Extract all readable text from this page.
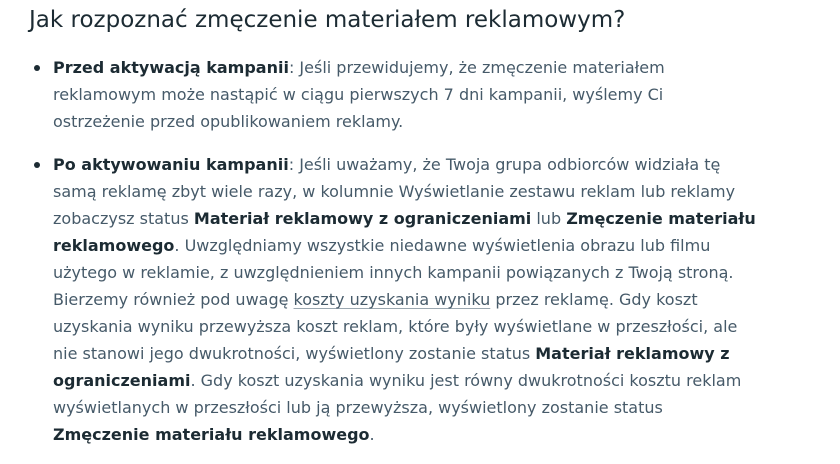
Jak rozpoznać zmęczenie materiałem reklamowym?
Przed aktywacją kampanii: Jeśli przewidujemy, że zmęczenie materiałem
reklamowym może nastąpić w ciągu pierwszych 7 dni kampanii, wyślemy Ci
ostrzeżenie przed opublikowaniem reklamy.
Po aktywowaniu kampanii: Jeśli uważamy, że Twoja grupa odbiorców widziała tę
samą reklamę zbyt wiele razy, w kolumnie Wyświetlanie zestawu reklam lub reklamy
zobaczysz status Materiał reklamowy z ograniczeniami lub Zmęczenie materiału
reklamowego. Uwzględniamy wszystkie niedawne wyświetlenia obrazu lub filmu
użytego w reklamie, z uwzględnieniem innych kampanii powiązanych z Twoją stroną.
Bierzemy również pod uwagę koszty uzyskania wyniku przez reklamę. Gdy koszt
uzyskania wyniku przewyższa koszt reklam, które były wyświetlane w przeszłości, ale
nie stanowi jego dwukrotności, wyświetlony zostanie status Materiał reklamowy z
ograniczeniami. Gdy koszt uzyskania wyniku jest równy dwukrotności kosztu reklam
wyświetlanych w przeszłości lub ją przewyższa, wyświetlony zostanie status
Zmęczenie materiału reklamowego.
